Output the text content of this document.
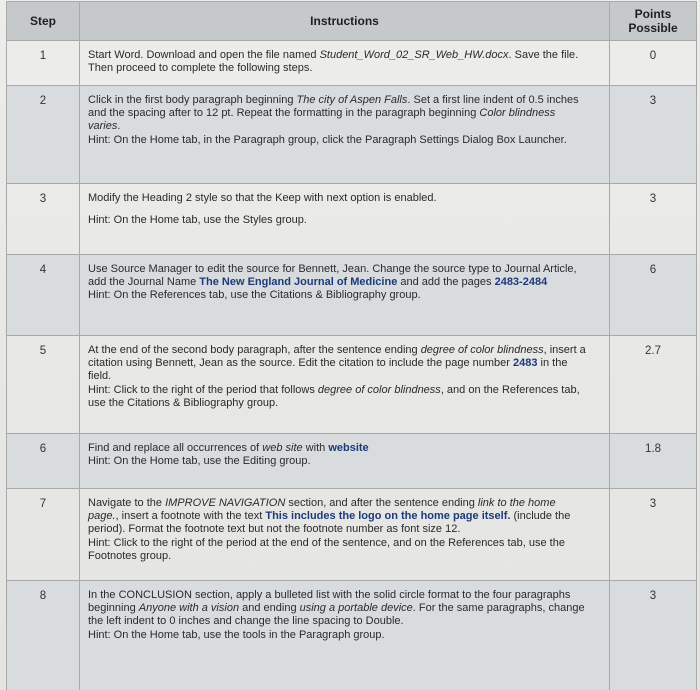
Step	Instructions	Points
Possible
1	Start Word. Download and open the file named Student_Word_02_SR_Web_HW.docx. Save the file. Then proceed to complete the following steps.	0
2	Click in the first body paragraph beginning The city of Aspen Falls. Set a first line indent of 0.5 inches and the spacing after to 12 pt. Repeat the formatting in the paragraph beginning Color blindness varies.
Hint: On the Home tab, in the Paragraph group, click the Paragraph Settings Dialog Box Launcher.	3
3	Modify the Heading 2 style so that the Keep with next option is enabled.
Hint: On the Home tab, use the Styles group.	3
4	Use Source Manager to edit the source for Bennett, Jean. Change the source type to Journal Article, add the Journal Name The New England Journal of Medicine and add the pages 2483-2484
Hint: On the References tab, use the Citations & Bibliography group.	6
5	At the end of the second body paragraph, after the sentence ending degree of color blindness, insert a citation using Bennett, Jean as the source. Edit the citation to include the page number 2483 in the field.
Hint: Click to the right of the period that follows degree of color blindness, and on the References tab, use the Citations & Bibliography group.	2.7
6	Find and replace all occurrences of web site with website
Hint: On the Home tab, use the Editing group.	1.8
7	Navigate to the IMPROVE NAVIGATION section, and after the sentence ending link to the home page., insert a footnote with the text This includes the logo on the home page itself. (include the period). Format the footnote text but not the footnote number as font size 12.
Hint: Click to the right of the period at the end of the sentence, and on the References tab, use the Footnotes group.	3
8	In the CONCLUSION section, apply a bulleted list with the solid circle format to the four paragraphs beginning Anyone with a vision and ending using a portable device. For the same paragraphs, change the left indent to 0 inches and change the line spacing to Double.
Hint: On the Home tab, use the tools in the Paragraph group.	3
